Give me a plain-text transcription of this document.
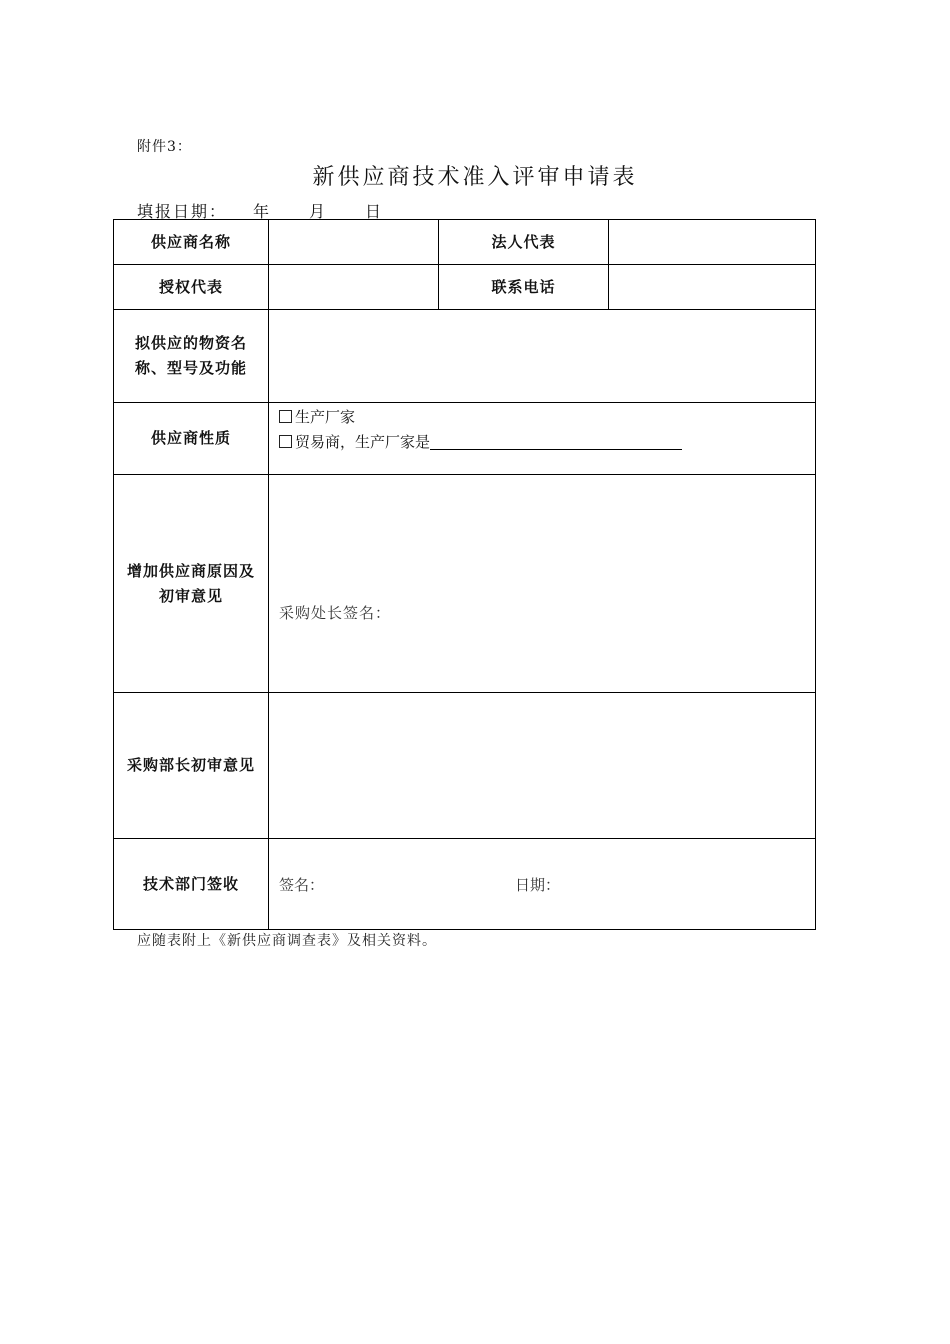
附件3：
新供应商技术准入评审申请表
填报日期： 年 月 日
供应商名称		法人代表	
授权代表		联系电话	

拟供应的物资名
称、型号及功能			

供应商性质	生产厂家
贸易商，生产厂家是		

增加供应商原因及
初审意见	采购处长签名：		

采购部长初审意见			
技术部门签收	签名： 日期：		
应随表附上《新供应商调查表》及相关资料。
